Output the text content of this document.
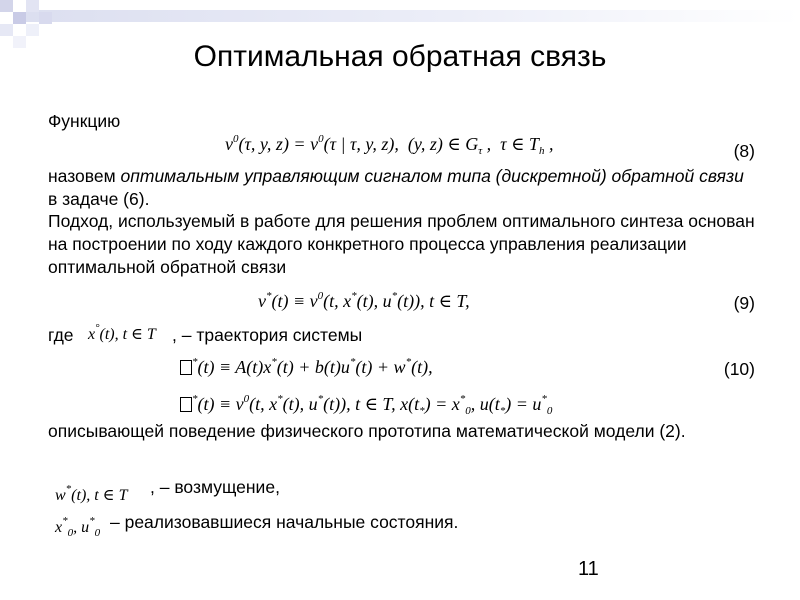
Оптимальная обратная связь
Функцию
$v^0(\tau$, y, $z) = v^0(\tau$ | τ, y, z),  (y, z) ∈ $G_\tau$ ,  τ ∈ $T_h$ ,	(8)
назовем оптимальным управляющим сигналом типа (дискретной) обратной связи в задаче (6).
Подход, используемый в работе для решения проблем оптимального синтеза основан на построении по ходу каждого конкретного процесса управления реализации оптимальной обратной связи
$v^*(t) \equiv v^0(t$, x*(t), u*(t)), t ∈ T,	(9)
где x°(t), t ∈ T , – траектория системы
*(t) ≡ A(t)x*(t) + b(t)u*(t) + w*(t),	(10)
$^*(t) \equiv v^0(t$, x*(t), u*(t)), t ∈ T, $x(t_*) = x^*_0$, $u(t_*) = u^*_0$
описывающей поведение физического прототипа математической модели (2).
w*(t), t ∈ T , – возмущение,
$x^*_0$, $u^*_0$
– реализовавшиеся начальные состояния.
11
